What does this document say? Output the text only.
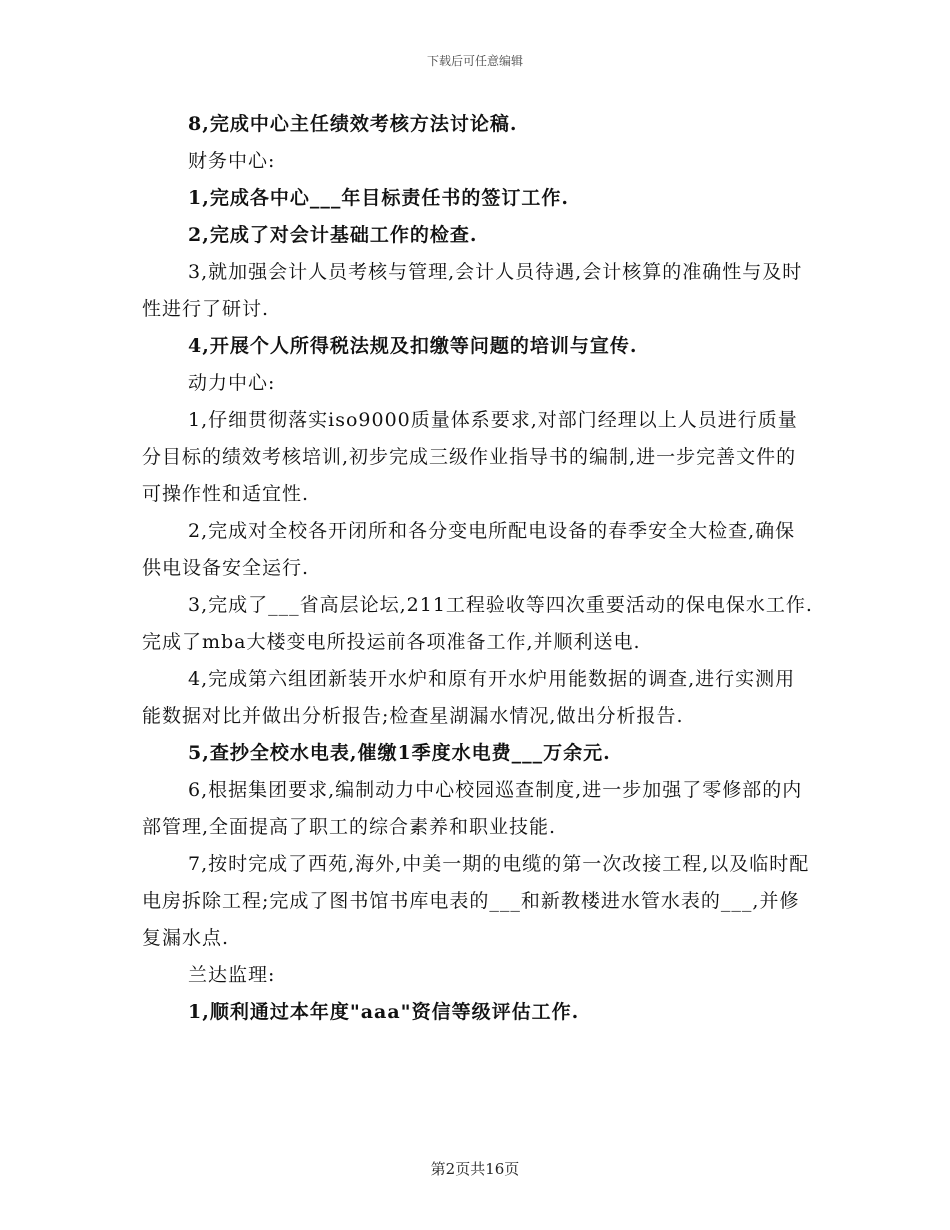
下载后可任意编辑

8,完成中心主任绩效考核方法讨论稿.

财务中心:

1,完成各中心___年目标责任书的签订工作.

2,完成了对会计基础工作的检查.

3,就加强会计人员考核与管理,会计人员待遇,会计核算的准确性与及时性进行了研讨.

4,开展个人所得税法规及扣缴等问题的培训与宣传.

动力中心:

1,仔细贯彻落实iso9000质量体系要求,对部门经理以上人员进行质量分目标的绩效考核培训,初步完成三级作业指导书的编制,进一步完善文件的可操作性和适宜性.

2,完成对全校各开闭所和各分变电所配电设备的春季安全大检查,确保供电设备安全运行.

3,完成了___省高层论坛,211工程验收等四次重要活动的保电保水工作.完成了mba大楼变电所投运前各项准备工作,并顺利送电.

4,完成第六组团新装开水炉和原有开水炉用能数据的调查,进行实测用能数据对比并做出分析报告;检查星湖漏水情况,做出分析报告.

5,查抄全校水电表,催缴1季度水电费___万余元.

6,根据集团要求,编制动力中心校园巡查制度,进一步加强了零修部的内部管理,全面提高了职工的综合素养和职业技能.

7,按时完成了西苑,海外,中美一期的电缆的第一次改接工程,以及临时配电房拆除工程;完成了图书馆书库电表的___和新教楼进水管水表的___,并修复漏水点.

兰达监理:

1,顺利通过本年度"aaa"资信等级评估工作.

第2页共16页
